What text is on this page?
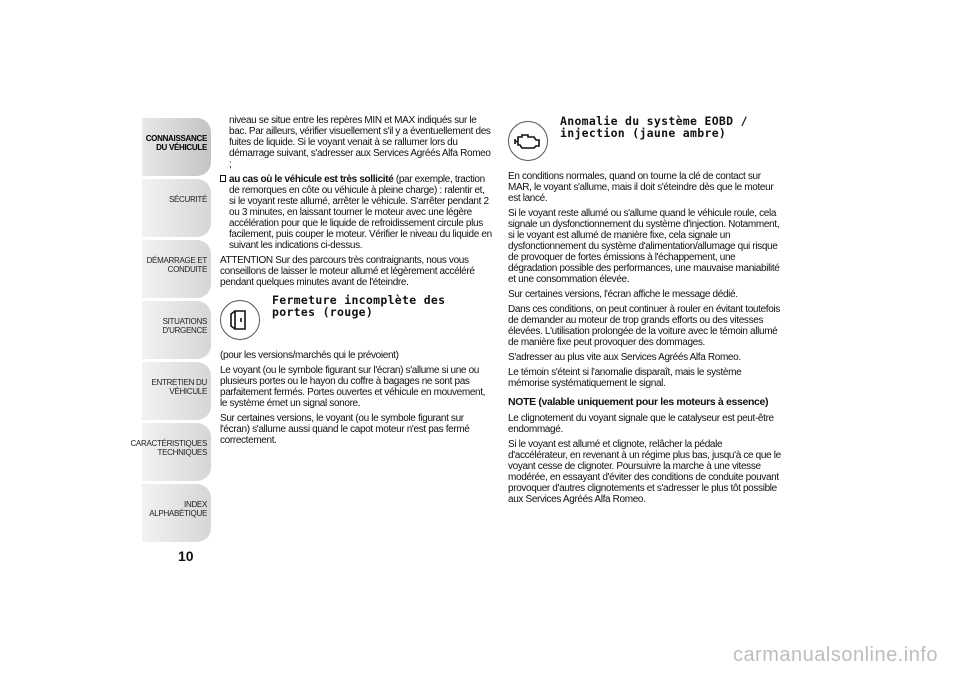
CONNAISSANCE
DU VÉHICULE
SÉCURITÉ
DÉMARRAGE ET
CONDUITE
SITUATIONS
D'URGENCE
ENTRETIEN DU
VÉHICULE
CARACTÉRISTIQUES
TECHNIQUES
INDEX
ALPHABÉTIQUE
10

niveau se situe entre les repères MIN et MAX indiqués sur le bac. Par ailleurs, vérifier visuellement s'il y a éventuellement des fuites de liquide. Si le voyant venait à se rallumer lors du démarrage suivant, s'adresser aux Services Agréés Alfa Romeo ;

au cas où le véhicule est très sollicité (par exemple, traction de remorques en côte ou véhicule à pleine charge) : ralentir et, si le voyant reste allumé, arrêter le véhicule. S'arrêter pendant 2 ou 3 minutes, en laissant tourner le moteur avec une légère accélération pour que le liquide de refroidissement circule plus facilement, puis couper le moteur. Vérifier le niveau du liquide en suivant les indications ci-dessus.

ATTENTION Sur des parcours très contraignants, nous vous conseillons de laisser le moteur allumé et légèrement accéléré pendant quelques minutes avant de l'éteindre.

Fermeture incomplète des
portes (rouge)

(pour les versions/marchés qui le prévoient)

Le voyant (ou le symbole figurant sur l'écran) s'allume si une ou plusieurs portes ou le hayon du coffre à bagages ne sont pas parfaitement fermés. Portes ouvertes et véhicule en mouvement, le système émet un signal sonore.

Sur certaines versions, le voyant (ou le symbole figurant sur l'écran) s'allume aussi quand le capot moteur n'est pas fermé correctement.

Anomalie du système EOBD /
injection (jaune ambre)

En conditions normales, quand on tourne la clé de contact sur MAR, le voyant s'allume, mais il doit s'éteindre dès que le moteur est lancé.

Si le voyant reste allumé ou s'allume quand le véhicule roule, cela signale un dysfonctionnement du système d'injection. Notamment, si le voyant est allumé de manière fixe, cela signale un dysfonctionnement du système d'alimentation/allumage qui risque de provoquer de fortes émissions à l'échappement, une dégradation possible des performances, une mauvaise maniabilité et une consommation élevée.

Sur certaines versions, l'écran affiche le message dédié.

Dans ces conditions, on peut continuer à rouler en évitant toutefois de demander au moteur de trop grands efforts ou des vitesses élevées. L'utilisation prolongée de la voiture avec le témoin allumé de manière fixe peut provoquer des dommages.

S'adresser au plus vite aux Services Agréés Alfa Romeo.

Le témoin s'éteint si l'anomalie disparaît, mais le système mémorise systématiquement le signal.

NOTE (valable uniquement pour les moteurs à essence)

Le clignotement du voyant signale que le catalyseur est peut-être endommagé.

Si le voyant est allumé et clignote, relâcher la pédale d'accélérateur, en revenant à un régime plus bas, jusqu'à ce que le voyant cesse de clignoter. Poursuivre la marche à une vitesse modérée, en essayant d'éviter des conditions de conduite pouvant provoquer d'autres clignotements et s'adresser le plus tôt possible aux Services Agréés Alfa Romeo.

carmanualsonline.info
